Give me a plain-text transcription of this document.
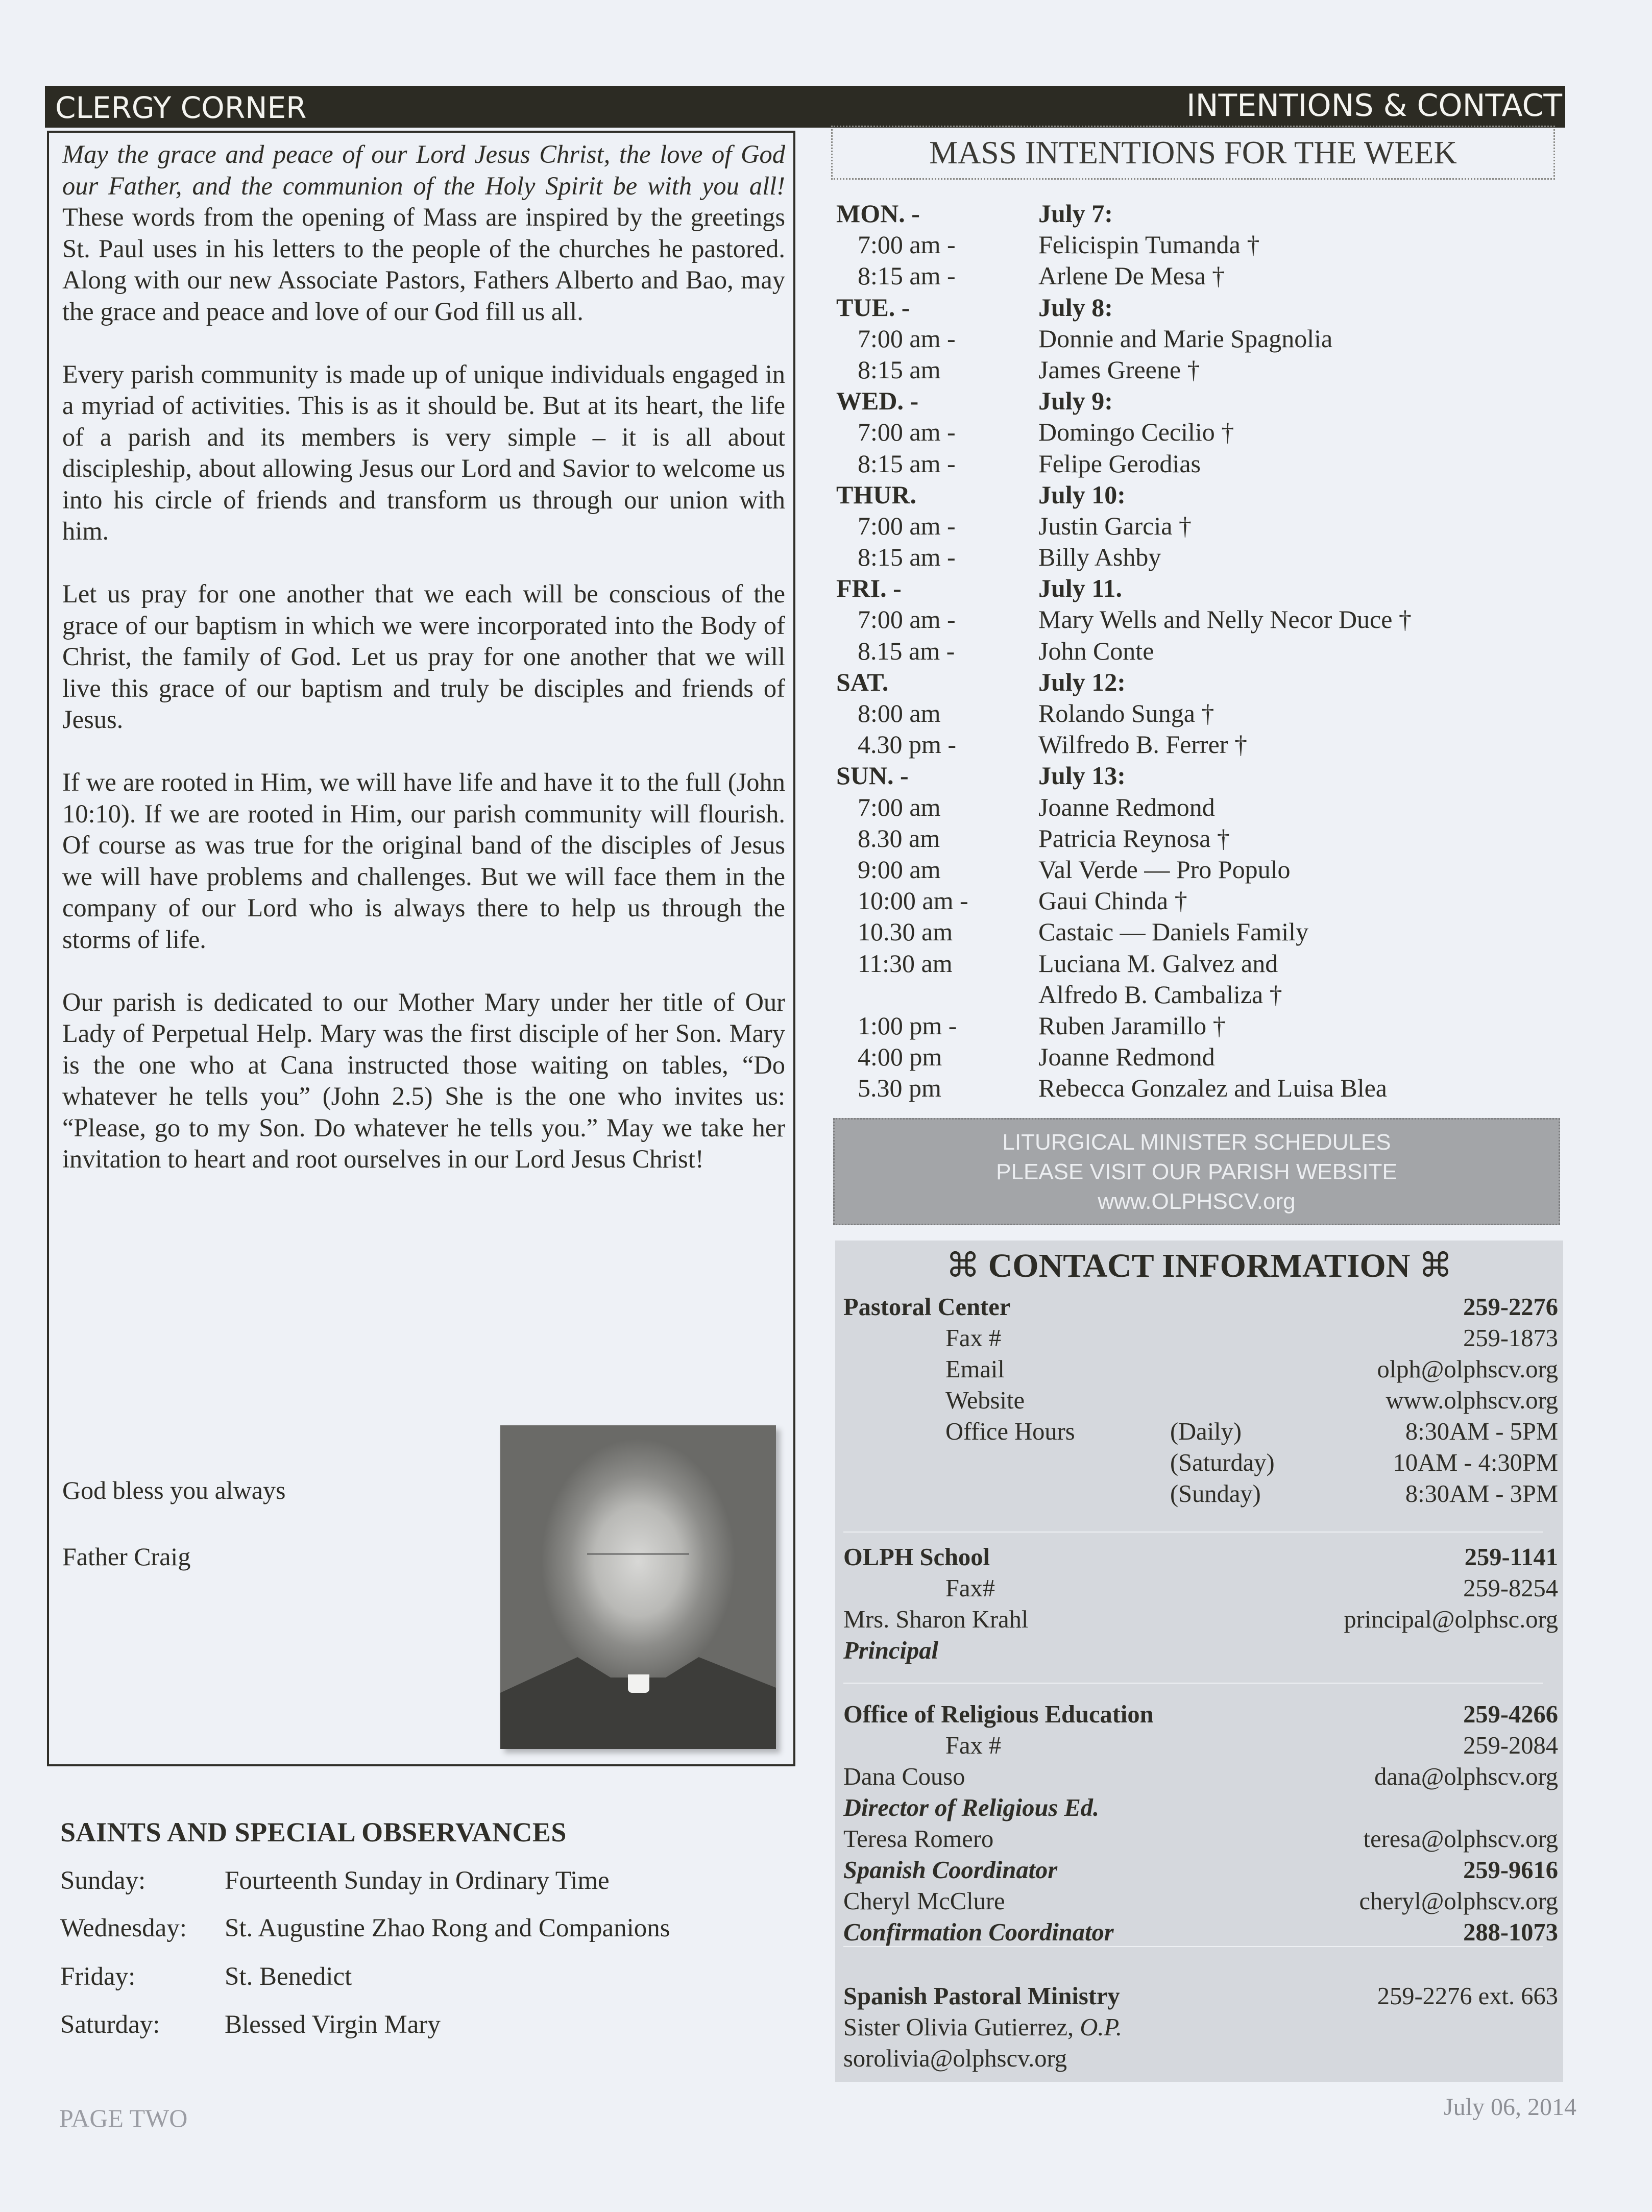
CLERGY CORNER	INTENTIONS & CONTACT

May the grace and peace of our Lord Jesus Christ, the love of God our Father, and the communion of the Holy Spirit be with you all! These words from the opening of Mass are inspired by the greetings St. Paul uses in his letters to the people of the churches he pastored. Along with our new Associate Pastors, Fathers Alberto and Bao, may the grace and peace and love of our God fill us all.

Every parish community is made up of unique individuals engaged in a myriad of activities. This is as it should be. But at its heart, the life of a parish and its members is very simple – it is all about discipleship, about allowing Jesus our Lord and Savior to welcome us into his circle of friends and transform us through our union with him.

Let us pray for one another that we each will be conscious of the grace of our baptism in which we were incorporated into the Body of Christ, the family of God. Let us pray for one another that we will live this grace of our baptism and truly be disciples and friends of Jesus.

If we are rooted in Him, we will have life and have it to the full (John 10:10). If we are rooted in Him, our parish community will flourish. Of course as was true for the original band of the disciples of Jesus we will have problems and challenges. But we will face them in the company of our Lord who is always there to help us through the storms of life.

Our parish is dedicated to our Mother Mary under her title of Our Lady of Perpetual Help. Mary was the first disciple of her Son. Mary is the one who at Cana instructed those waiting on tables, “Do whatever he tells you” (John 2.5) She is the one who invites us: “Please, go to my Son. Do whatever he tells you.” May we take her invitation to heart and root ourselves in our Lord Jesus Christ!

God bless you always
Father Craig
SAINTS AND SPECIAL OBSERVANCES
Sunday:	Fourteenth Sunday in Ordinary Time
Wednesday: St. Augustine Zhao Rong and Companions
Friday:	St. Benedict
Saturday: Blessed Virgin Mary
MASS INTENTIONS FOR THE WEEK
MON. -	July 7:
7:00 am -	Felicispin Tumanda †
8:15 am -	Arlene De Mesa †
TUE. -	July 8:
7:00 am -	Donnie and Marie Spagnolia
8:15 am	James Greene †
WED. -	July 9:
7:00 am -	Domingo Cecilio †
8:15 am -	Felipe Gerodias
THUR.	July 10:
7:00 am -	Justin Garcia †
8:15 am -	Billy Ashby
FRI. -	July 11.
7:00 am -	Mary Wells and Nelly Necor Duce †
8.15 am -	John Conte
SAT.	July 12:
8:00 am	Rolando Sunga †
4.30 pm -	Wilfredo B. Ferrer †
SUN. -	July 13:
7:00 am	Joanne Redmond
8.30 am	Patricia Reynosa †
9:00 am	Val Verde — Pro Populo
10:00 am -	Gaui Chinda †
10.30 am	Castaic — Daniels Family
11:30 am	Luciana M. Galvez and
Alfredo B. Cambaliza †
1:00 pm -	Ruben Jaramillo †
4:00 pm	Joanne Redmond
5.30 pm	Rebecca Gonzalez and Luisa Blea
LITURGICAL MINISTER SCHEDULES
PLEASE VISIT OUR PARISH WEBSITE
www.OLPHSCV.org
⌘ CONTACT INFORMATION ⌘
Pastoral Center	259-2276
Fax #	259-1873
Email	olph@olphscv.org
Website	www.olphscv.org
Office Hours	(Daily)	8:30AM - 5PM
(Saturday)	10AM - 4:30PM
(Sunday)	8:30AM - 3PM
OLPH School	259-1141
Fax#	259-8254
Mrs. Sharon Krahl	principal@olphsc.org
Principal
Office of Religious Education	259-4266
Fax #	259-2084
Dana Couso	dana@olphscv.org
Director of Religious Ed.
Teresa Romero	teresa@olphscv.org
Spanish Coordinator	259-9616
Cheryl McClure	cheryl@olphscv.org
Confirmation Coordinator	288-1073
Spanish Pastoral Ministry	259-2276 ext. 663
Sister Olivia Gutierrez, O.P.
sorolivia@olphscv.org
PAGE TWO	July 06, 2014
